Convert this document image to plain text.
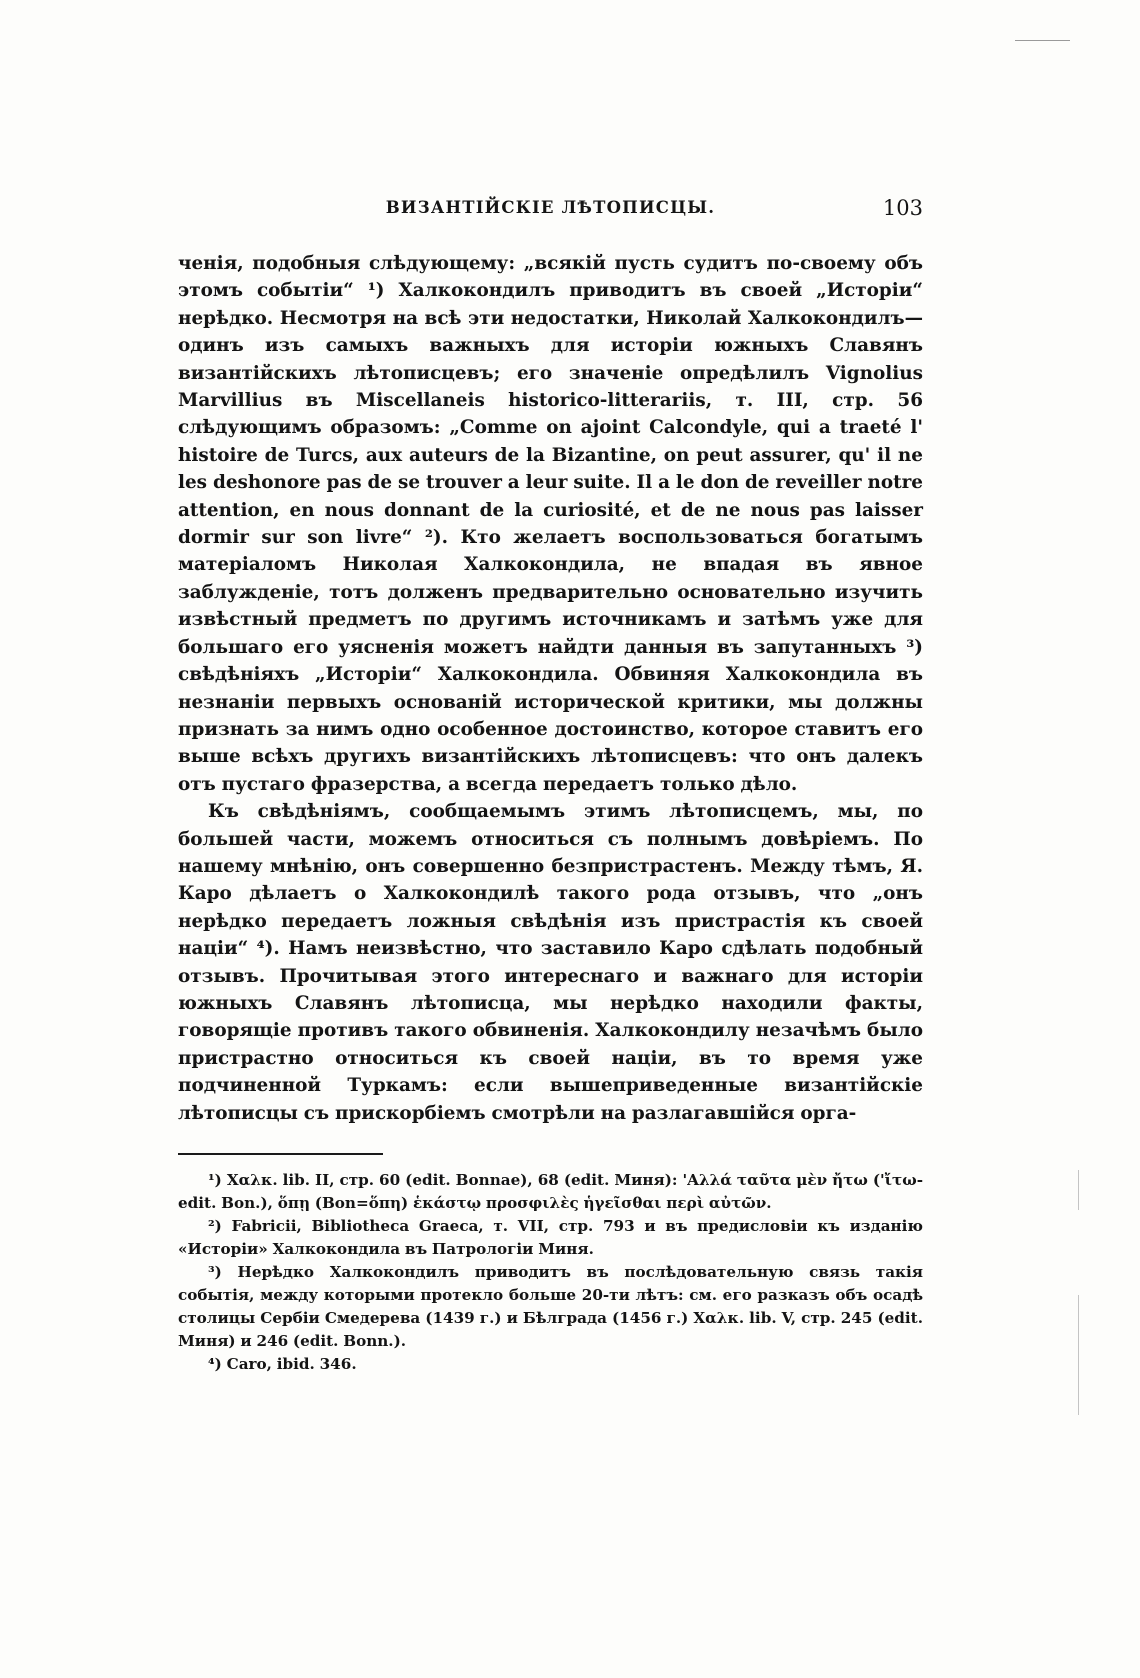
ВИЗАНТІЙСКІЕ ЛѢТОПИСЦЫ.	103

ченія, подобныя слѣдующему: „всякій пусть судитъ по-своему объ этомъ событіи“ ¹) Халкокондилъ приводитъ въ своей „Исторіи“ нерѣдко. Несмотря на всѣ эти недостатки, Николай Халкокондилъ—одинъ изъ самыхъ важныхъ для исторіи южныхъ Славянъ византійскихъ лѣтописцевъ; его значеніе опредѣлилъ Vignolius Marvillius въ Miscellaneis historico-litterariis, т. III, стр. 56 слѣдующимъ образомъ: „Comme on ajoint Calcondyle, qui a traeté l' histoire de Turcs, aux auteurs de la Bizantine, on peut assurer, qu' il ne les deshonore pas de se trouver a leur suite. Il a le don de reveiller notre attention, en nous donnant de la curiosité, et de ne nous pas laisser dormir sur son livre“ ²). Кто желаетъ воспользоваться богатымъ матеріаломъ Николая Халкокондила, не впадая въ явное заблужденіе, тотъ долженъ предварительно основательно изучить извѣстный предметъ по другимъ источникамъ и затѣмъ уже для большаго его уясненія можетъ найдти данныя въ запутанныхъ ³) свѣдѣніяхъ „Исторіи“ Халкокондила. Обвиняя Халкокондила въ незнаніи первыхъ основаній исторической критики, мы должны признать за нимъ одно особенное достоинство, которое ставитъ его выше всѣхъ другихъ византійскихъ лѣтописцевъ: что онъ далекъ отъ пустаго фразерства, а всегда передаетъ только дѣло.

Къ свѣдѣніямъ, сообщаемымъ этимъ лѣтописцемъ, мы, по большей части, можемъ относиться съ полнымъ довѣріемъ. По нашему мнѣнію, онъ совершенно безпристрастенъ. Между тѣмъ, Я. Каро дѣлаетъ о Халкокондилѣ такого рода отзывъ, что „онъ нерѣдко передаетъ ложныя свѣдѣнія изъ пристрастія къ своей націи“ ⁴). Намъ неизвѣстно, что заставило Каро сдѣлать подобный отзывъ. Прочитывая этого интереснаго и важнаго для исторіи южныхъ Славянъ лѣтописца, мы нерѣдко находили факты, говорящіе противъ такого обвиненія. Халкокондилу незачѣмъ было пристрастно относиться къ своей націи, въ то время уже подчиненной Туркамъ: если вышеприведенные византійскіе лѣтописцы съ прискорбіемъ смотрѣли на разлагавшійся орга-

¹) Χαλκ. lib. II, стр. 60 (edit. Bonnae), 68 (edit. Миня): 'Αλλά ταῦτα μὲν ἤτω ('ἴτω-edit. Bon.), ὅπῃ (Bon=ὅπη) ἑκάστῳ προσφιλὲς ἡγεῖσθαι περὶ αὐτῶν.

²) Fabricii, Bibliotheca Graeca, т. VII, стр. 793 и въ предисловіи къ изданію «Исторіи» Халкокондила въ Патрологіи Миня.

³) Нерѣдко Халкокондилъ приводитъ въ послѣдовательную связь такія событія, между которыми протекло больше 20-ти лѣтъ: см. его разказъ объ осадѣ столицы Сербіи Смедерева (1439 г.) и Бѣлграда (1456 г.) Χαλκ. lib. V, стр. 245 (edit. Миня) и 246 (edit. Bonn.).

⁴) Caro, ibid. 346.
